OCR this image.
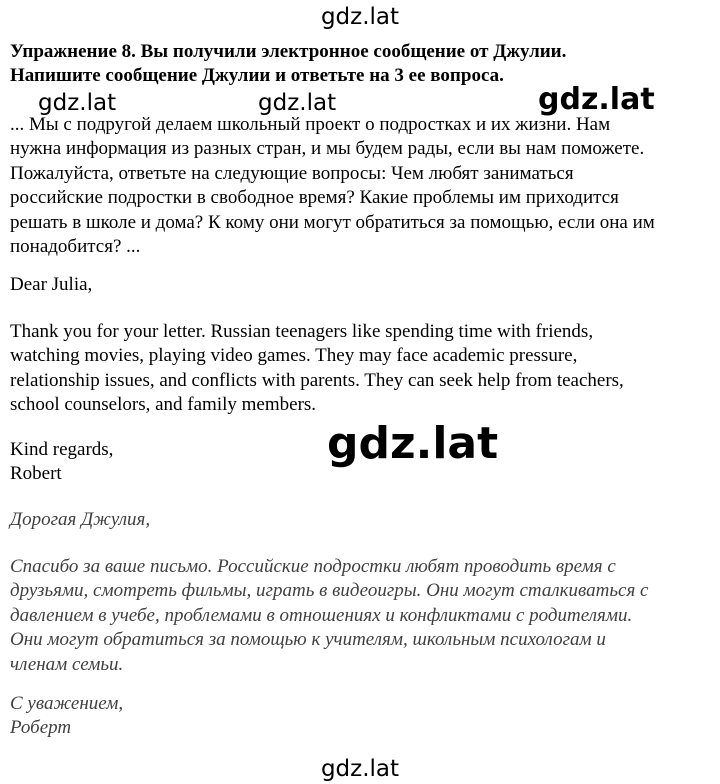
gdz.lat
gdz.lat	gdz.lat	gdz.lat
gdz.lat
gdz.lat
Упражнение 8. Вы получили электронное сообщение от Джулии.
Напишите сообщение Джулии и ответьте на 3 ее вопроса.
... Мы с подругой делаем школьный проект о подростках и их жизни. Нам
нужна информация из разных стран, и мы будем рады, если вы нам поможете.
Пожалуйста, ответьте на следующие вопросы: Чем любят заниматься
российские подростки в свободное время? Какие проблемы им приходится
решать в школе и дома? К кому они могут обратиться за помощью, если она им
понадобится? ...
Dear Julia,
Thank you for your letter. Russian teenagers like spending time with friends,
watching movies, playing video games. They may face academic pressure,
relationship issues, and conflicts with parents. They can seek help from teachers,
school counselors, and family members.
Kind regards,
Robert
Дорогая Джулия,
Спасибо за ваше письмо. Российские подростки любят проводить время с
друзьями, смотреть фильмы, играть в видеоигры. Они могут сталкиваться с
давлением в учебе, проблемами в отношениях и конфликтами с родителями.
Они могут обратиться за помощью к учителям, школьным психологам и
членам семьи.
С уважением,
Роберт
